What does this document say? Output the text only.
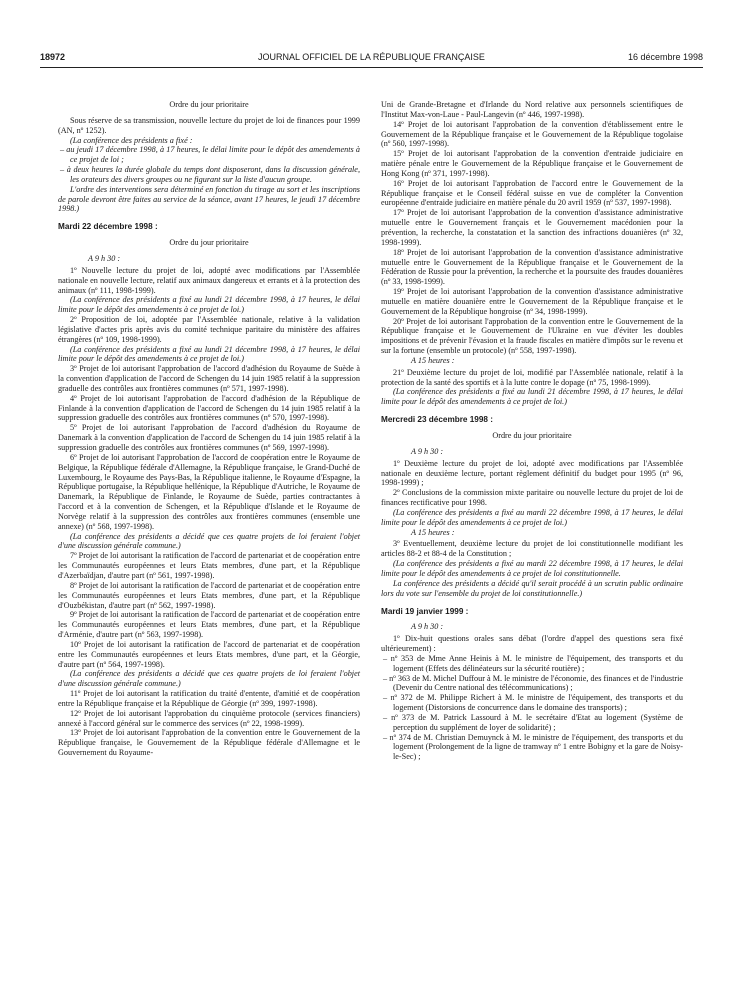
18972	JOURNAL OFFICIEL DE LA RÉPUBLIQUE FRANÇAISE	16 décembre 1998

Ordre du jour prioritaire

Sous réserve de sa transmission, nouvelle lecture du projet de loi de finances pour 1999 (AN, nº 1252).

(La conférence des présidents a fixé :

– au jeudi 17 décembre 1998, à 17 heures, le délai limite pour le dépôt des amendements à ce projet de loi ;

– à deux heures la durée globale du temps dont disposeront, dans la discussion générale, les orateurs des divers groupes ou ne figurant sur la liste d'aucun groupe.

L'ordre des interventions sera déterminé en fonction du tirage au sort et les inscriptions de parole devront être faites au service de la séance, avant 17 heures, le jeudi 17 décembre 1998.)

Mardi 22 décembre 1998 :

Ordre du jour prioritaire

A 9 h 30 :

1º Nouvelle lecture du projet de loi, adopté avec modifications par l'Assemblée nationale en nouvelle lecture, relatif aux animaux dangereux et errants et à la protection des animaux (nº 111, 1998-1999).

(La conférence des présidents a fixé au lundi 21 décembre 1998, à 17 heures, le délai limite pour le dépôt des amendements à ce projet de loi.)

2º Proposition de loi, adoptée par l'Assemblée nationale, relative à la validation législative d'actes pris après avis du comité technique paritaire du ministère des affaires étrangères (nº 109, 1998-1999).

(La conférence des présidents a fixé au lundi 21 décembre 1998, à 17 heures, le délai limite pour le dépôt des amendements à ce projet de loi.)

3º Projet de loi autorisant l'approbation de l'accord d'adhésion du Royaume de Suède à la convention d'application de l'accord de Schengen du 14 juin 1985 relatif à la suppression graduelle des contrôles aux frontières communes (nº 571, 1997-1998).

4º Projet de loi autorisant l'approbation de l'accord d'adhésion de la République de Finlande à la convention d'application de l'accord de Schengen du 14 juin 1985 relatif à la suppression graduelle des contrôles aux frontières communes (nº 570, 1997-1998).

5º Projet de loi autorisant l'approbation de l'accord d'adhésion du Royaume de Danemark à la convention d'application de l'accord de Schengen du 14 juin 1985 relatif à la suppression graduelle des contrôles aux frontières communes (nº 569, 1997-1998).

6º Projet de loi autorisant l'approbation de l'accord de coopération entre le Royaume de Belgique, la République fédérale d'Allemagne, la République française, le Grand-Duché de Luxembourg, le Royaume des Pays-Bas, la République italienne, le Royaume d'Espagne, la République portugaise, la République hellénique, la République d'Autriche, le Royaume de Danemark, la République de Finlande, le Royaume de Suède, parties contractantes à l'accord et à la convention de Schengen, et la République d'Islande et le Royaume de Norvège relatif à la suppression des contrôles aux frontières communes (ensemble une annexe) (nº 568, 1997-1998).

(La conférence des présidents a décidé que ces quatre projets de loi feraient l'objet d'une discussion générale commune.)

7º Projet de loi autorisant la ratification de l'accord de partenariat et de coopération entre les Communautés européennes et leurs Etats membres, d'une part, et la République d'Azerbaïdjan, d'autre part (nº 561, 1997-1998).

8º Projet de loi autorisant la ratification de l'accord de partenariat et de coopération entre les Communautés européennes et leurs Etats membres, d'une part, et la République d'Ouzbékistan, d'autre part (nº 562, 1997-1998).

9º Projet de loi autorisant la ratification de l'accord de partenariat et de coopération entre les Communautés européennes et leurs Etats membres, d'une part, et la République d'Arménie, d'autre part (nº 563, 1997-1998).

10º Projet de loi autorisant la ratification de l'accord de partenariat et de coopération entre les Communautés européennes et leurs Etats membres, d'une part, et la Géorgie, d'autre part (nº 564, 1997-1998).

(La conférence des présidents a décidé que ces quatre projets de loi feraient l'objet d'une discussion générale commune.)

11º Projet de loi autorisant la ratification du traité d'entente, d'amitié et de coopération entre la République française et la République de Géorgie (nº 399, 1997-1998).

12º Projet de loi autorisant l'approbation du cinquième protocole (services financiers) annexé à l'accord général sur le commerce des services (nº 22, 1998-1999).

13º Projet de loi autorisant l'approbation de la convention entre le Gouvernement de la République française, le Gouvernement de la République fédérale d'Allemagne et le Gouvernement du Royaume-

Uni de Grande-Bretagne et d'Irlande du Nord relative aux personnels scientifiques de l'Institut Max-von-Laue - Paul-Langevin (nº 446, 1997-1998).

14º Projet de loi autorisant l'approbation de la convention d'établissement entre le Gouvernement de la République française et le Gouvernement de la République togolaise (nº 560, 1997-1998).

15º Projet de loi autorisant l'approbation de la convention d'entraide judiciaire en matière pénale entre le Gouvernement de la République française et le Gouvernement de Hong Kong (nº 371, 1997-1998).

16º Projet de loi autorisant l'approbation de l'accord entre le Gouvernement de la République française et le Conseil fédéral suisse en vue de compléter la Convention européenne d'entraide judiciaire en matière pénale du 20 avril 1959 (nº 537, 1997-1998).

17º Projet de loi autorisant l'approbation de la convention d'assistance administrative mutuelle entre le Gouvernement français et le Gouvernement macédonien pour la prévention, la recherche, la constatation et la sanction des infractions douanières (nº 32, 1998-1999).

18º Projet de loi autorisant l'approbation de la convention d'assistance administrative mutuelle entre le Gouvernement de la République française et le Gouvernement de la Fédération de Russie pour la prévention, la recherche et la poursuite des fraudes douanières (nº 33, 1998-1999).

19º Projet de loi autorisant l'approbation de la convention d'assistance administrative mutuelle en matière douanière entre le Gouvernement de la République française et le Gouvernement de la République hongroise (nº 34, 1998-1999).

20º Projet de loi autorisant l'approbation de la convention entre le Gouvernement de la République française et le Gouvernement de l'Ukraine en vue d'éviter les doubles impositions et de prévenir l'évasion et la fraude fiscales en matière d'impôts sur le revenu et sur la fortune (ensemble un protocole) (nº 558, 1997-1998).

A 15 heures :

21º Deuxième lecture du projet de loi, modifié par l'Assemblée nationale, relatif à la protection de la santé des sportifs et à la lutte contre le dopage (nº 75, 1998-1999).

(La conférence des présidents a fixé au lundi 21 décembre 1998, à 17 heures, le délai limite pour le dépôt des amendements à ce projet de loi.)

Mercredi 23 décembre 1998 :

Ordre du jour prioritaire

A 9 h 30 :

1º Deuxième lecture du projet de loi, adopté avec modifications par l'Assemblée nationale en deuxième lecture, portant règlement définitif du budget pour 1995 (nº 96, 1998-1999) ;

2º Conclusions de la commission mixte paritaire ou nouvelle lecture du projet de loi de finances rectificative pour 1998.

(La conférence des présidents a fixé au mardi 22 décembre 1998, à 17 heures, le délai limite pour le dépôt des amendements à ce projet de loi.)

A 15 heures :

3º Eventuellement, deuxième lecture du projet de loi constitutionnelle modifiant les articles 88-2 et 88-4 de la Constitution ;

(La conférence des présidents a fixé au mardi 22 décembre 1998, à 17 heures, le délai limite pour le dépôt des amendements à ce projet de loi constitutionnelle.

La conférence des présidents a décidé qu'il serait procédé à un scrutin public ordinaire lors du vote sur l'ensemble du projet de loi constitutionnelle.)

Mardi 19 janvier 1999 :

A 9 h 30 :

1º Dix-huit questions orales sans débat (l'ordre d'appel des questions sera fixé ultérieurement) :

– nº 353 de Mme Anne Heinis à M. le ministre de l'équipement, des transports et du logement (Effets des délinéateurs sur la sécurité routière) ;

– nº 363 de M. Michel Duffour à M. le ministre de l'économie, des finances et de l'industrie (Devenir du Centre national des télécommunications) ;

– nº 372 de M. Philippe Richert à M. le ministre de l'équipement, des transports et du logement (Distorsions de concurrence dans le domaine des transports) ;

– nº 373 de M. Patrick Lassourd à M. le secrétaire d'Etat au logement (Système de perception du supplément de loyer de solidarité) ;

– nº 374 de M. Christian Demuynck à M. le ministre de l'équipement, des transports et du logement (Prolongement de la ligne de tramway nº 1 entre Bobigny et la gare de Noisy-le-Sec) ;
